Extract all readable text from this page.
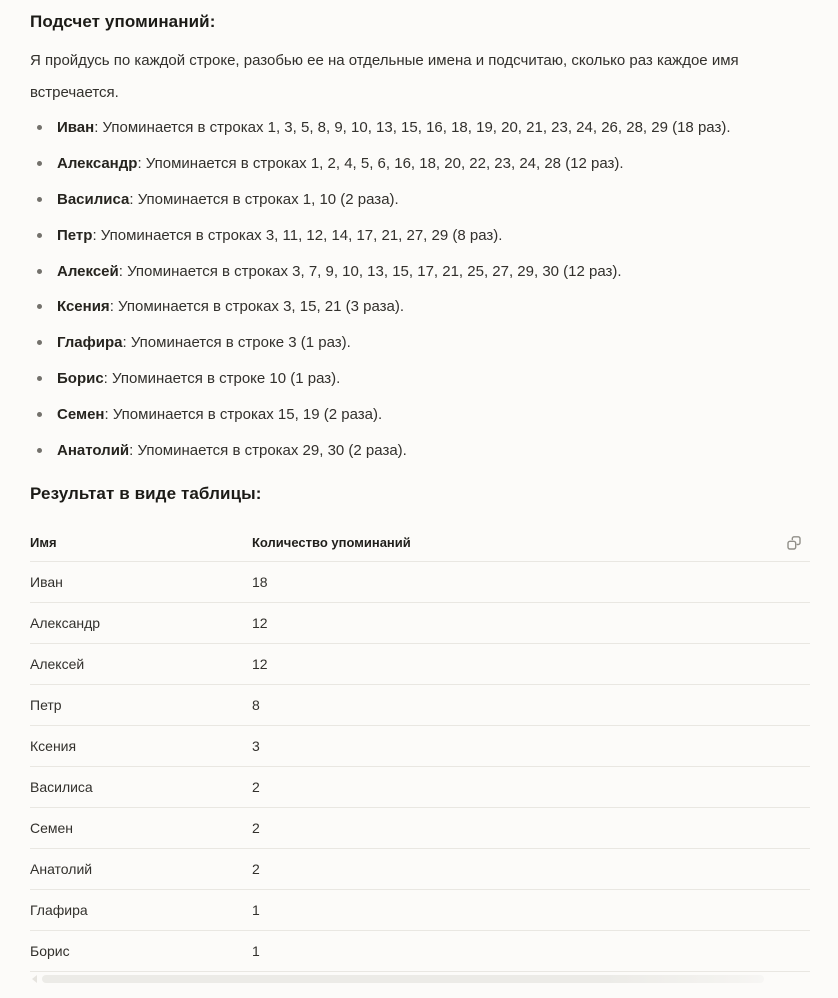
Подсчет упоминаний:

Я пройдусь по каждой строке, разобью ее на отдельные имена и подсчитаю, сколько раз каждое имя встречается.

Иван: Упоминается в строках 1, 3, 5, 8, 9, 10, 13, 15, 16, 18, 19, 20, 21, 23, 24, 26, 28, 29 (18 раз).
Александр: Упоминается в строках 1, 2, 4, 5, 6, 16, 18, 20, 22, 23, 24, 28 (12 раз).
Василиса: Упоминается в строках 1, 10 (2 раза).
Петр: Упоминается в строках 3, 11, 12, 14, 17, 21, 27, 29 (8 раз).
Алексей: Упоминается в строках 3, 7, 9, 10, 13, 15, 17, 21, 25, 27, 29, 30 (12 раз).
Ксения: Упоминается в строках 3, 15, 21 (3 раза).
Глафира: Упоминается в строке 3 (1 раз).
Борис: Упоминается в строке 10 (1 раз).
Семен: Упоминается в строках 15, 19 (2 раза).
Анатолий: Упоминается в строках 29, 30 (2 раза).
Результат в виде таблицы:
Имя	Количество упоминаний
Иван	18
Александр	12
Алексей	12
Петр	8
Ксения	3
Василиса	2
Семен	2
Анатолий	2
Глафира	1
Борис	1
